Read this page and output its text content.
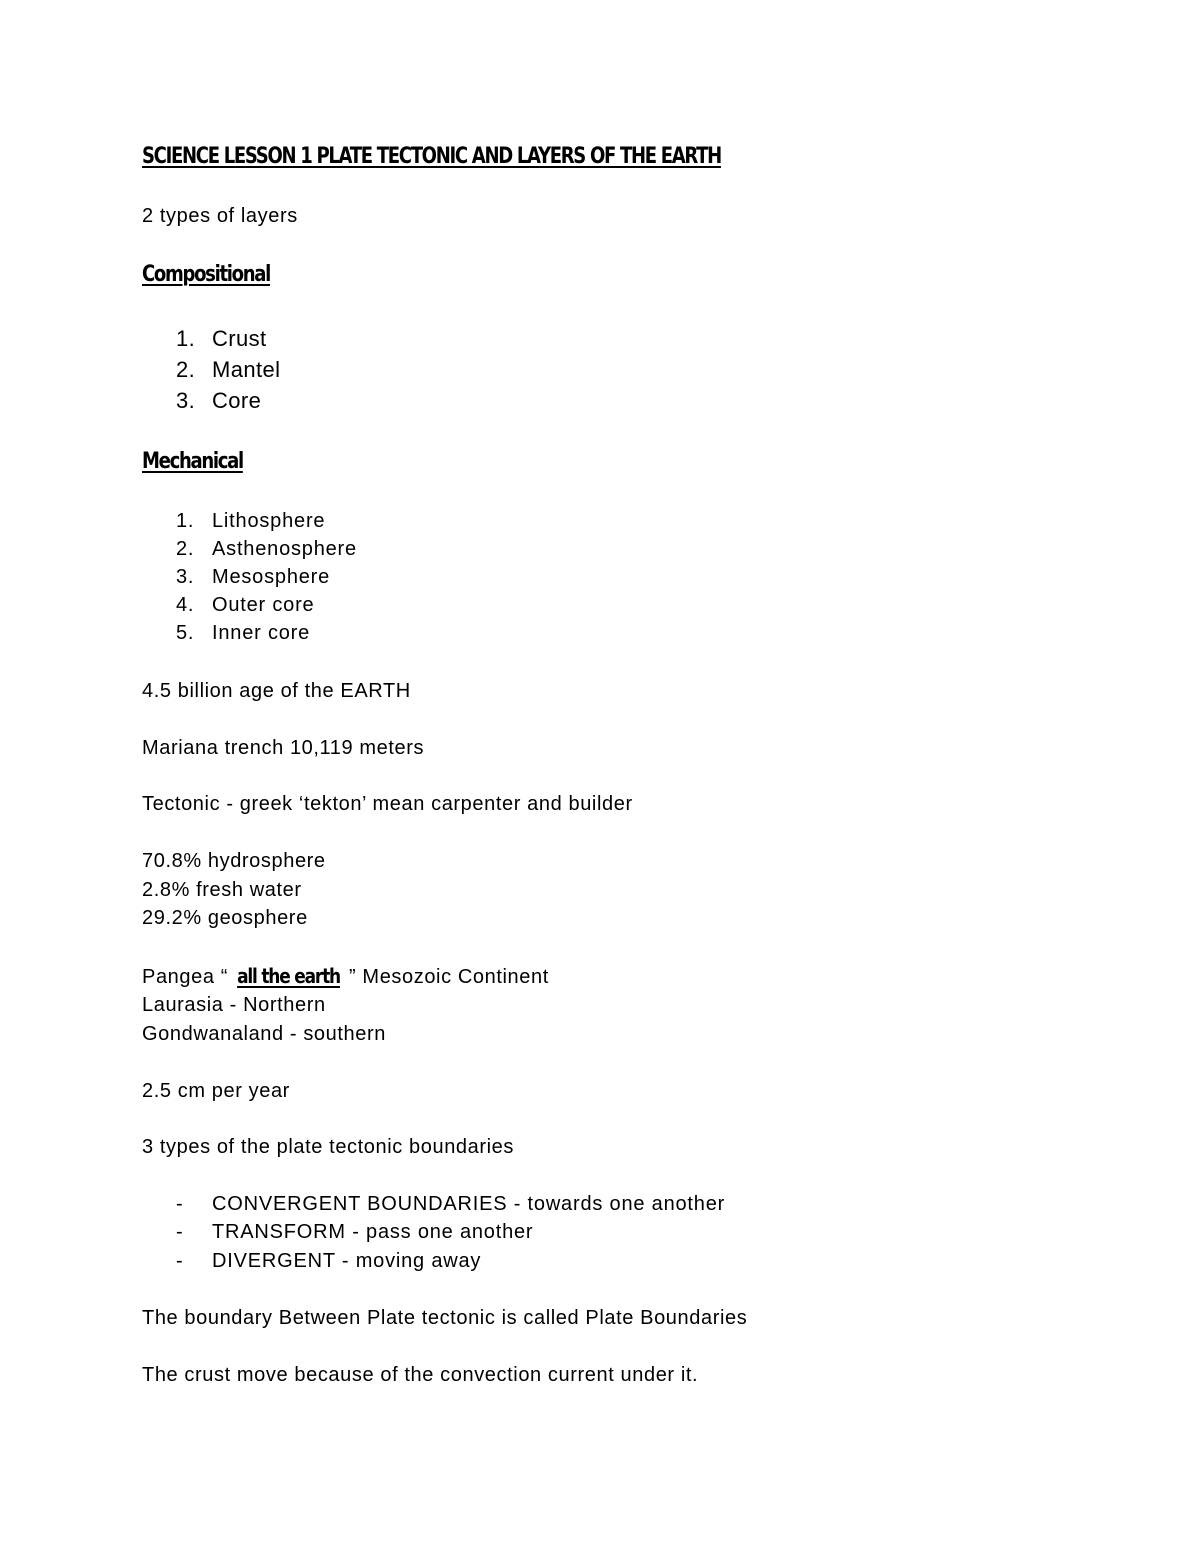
SCIENCE LESSON 1 PLATE TECTONIC AND LAYERS OF THE EARTH
2 types of layers
Compositional
1. Crust
2. Mantel
3. Core
Mechanical
1. Lithosphere
2. Asthenosphere
3. Mesosphere
4. Outer core
5. Inner core
4.5 billion age of the EARTH
Mariana trench 10,119 meters
Tectonic - greek ‘tekton’ mean carpenter and builder
70.8% hydrosphere
2.8% fresh water
29.2% geosphere
Pangea “ all the earth ” Mesozoic Continent
Laurasia - Northern
Gondwanaland - southern
2.5 cm per year
3 types of the plate tectonic boundaries
- CONVERGENT BOUNDARIES - towards one another
- TRANSFORM - pass one another
- DIVERGENT - moving away
The boundary Between Plate tectonic is called Plate Boundaries
The crust move because of the convection current under it.
